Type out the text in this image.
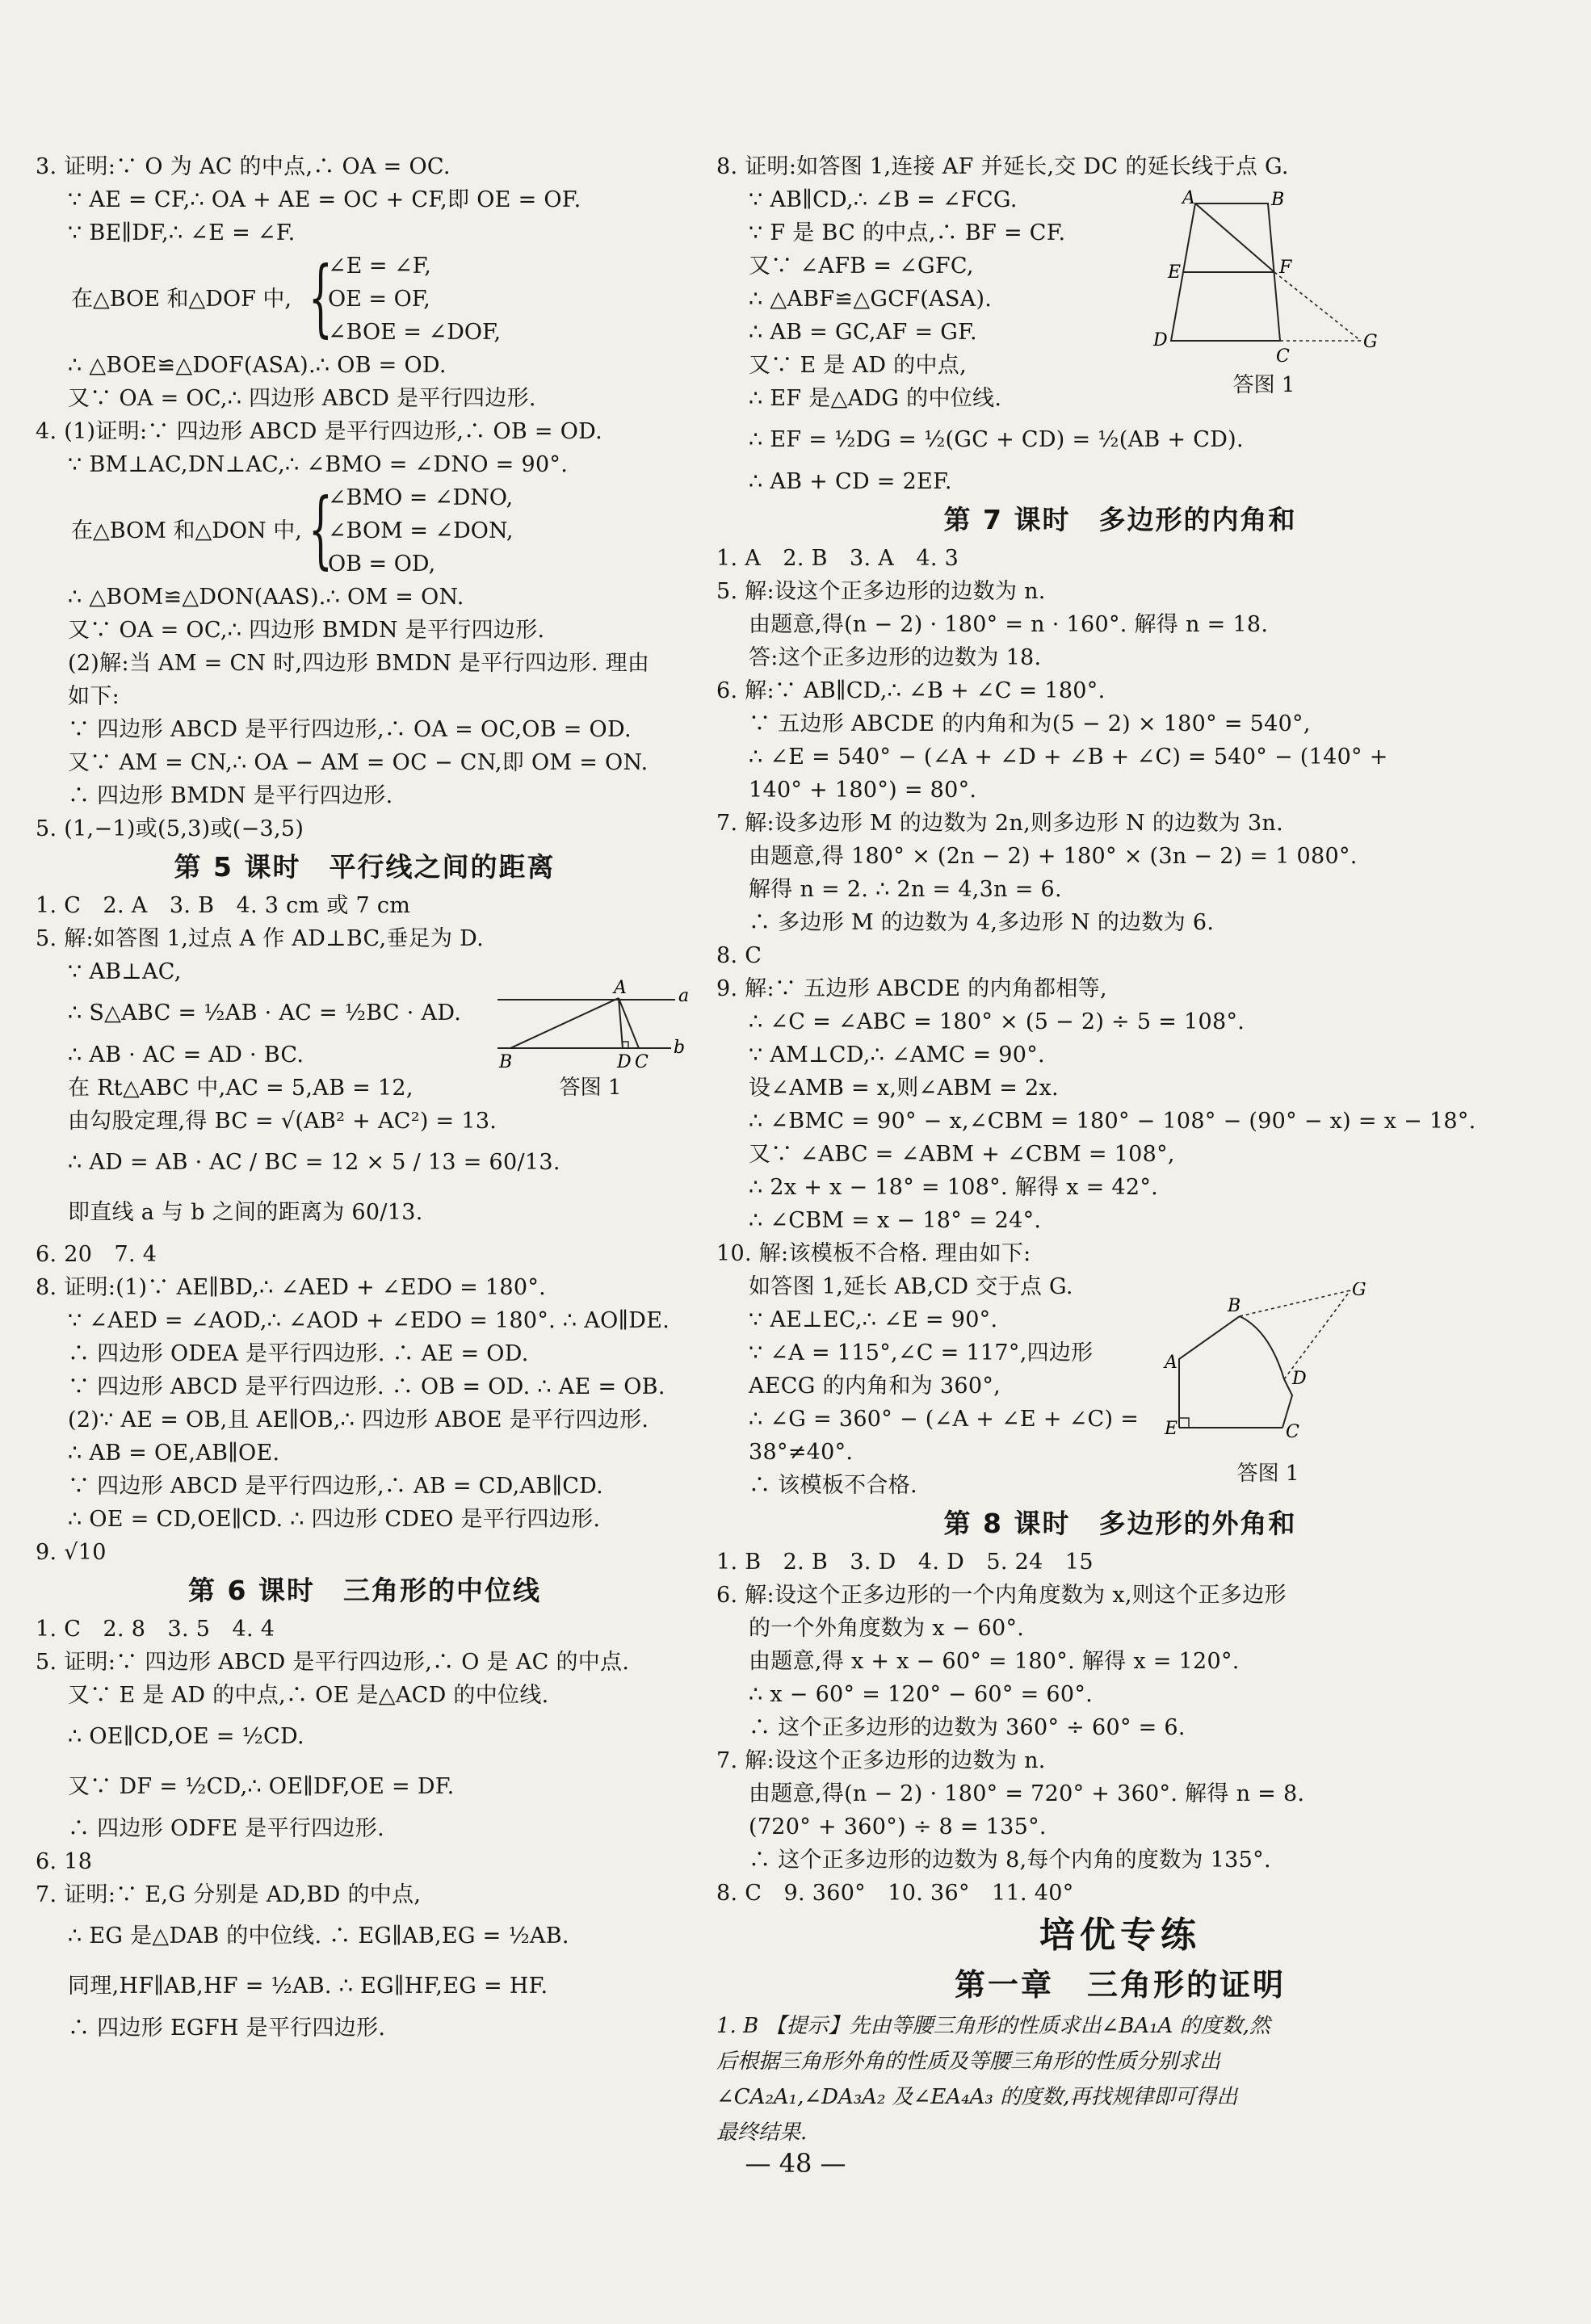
3. 证明:∵ O 为 AC 的中点,∴ OA = OC.
∵ AE = CF,∴ OA + AE = OC + CF,即 OE = OF.
∵ BE∥DF,∴ ∠E = ∠F.
在△BOE 和△DOF 中, {
∠E = ∠F,
OE = OF,
∠BOE = ∠DOF,
∴ △BOE≌△DOF(ASA).∴ OB = OD.
又∵ OA = OC,∴ 四边形 ABCD 是平行四边形.
4. (1)证明:∵ 四边形 ABCD 是平行四边形,∴ OB = OD.
∵ BM⊥AC,DN⊥AC,∴ ∠BMO = ∠DNO = 90°.
在△BOM 和△DON 中, {
∠BMO = ∠DNO,
∠BOM = ∠DON,
OB = OD,
∴ △BOM≌△DON(AAS).∴ OM = ON.
又∵ OA = OC,∴ 四边形 BMDN 是平行四边形.
(2)解:当 AM = CN 时,四边形 BMDN 是平行四边形. 理由
如下:
∵ 四边形 ABCD 是平行四边形,∴ OA = OC,OB = OD.
又∵ AM = CN,∴ OA − AM = OC − CN,即 OM = ON.
∴ 四边形 BMDN 是平行四边形.
5. (1,−1)或(5,3)或(−3,5)
第 5 课时　平行线之间的距离
1. C　2. A　3. B　4. 3 cm 或 7 cm
5. 解:如答图 1,过点 A 作 AD⊥BC,垂足为 D.
∵ AB⊥AC,
∴ S△ABC = ½AB · AC = ½BC · AD.
∴ AB · AC = AD · BC.
在 Rt△ABC 中,AC = 5,AB = 12,
由勾股定理,得 BC = √(AB² + AC²) = 13.
∴ AD = AB · AC / BC = 12 × 5 / 13 = 60/13.
即直线 a 与 b 之间的距离为 60/13.
6. 20　7. 4
8. 证明:(1)∵ AE∥BD,∴ ∠AED + ∠EDO = 180°.
∵ ∠AED = ∠AOD,∴ ∠AOD + ∠EDO = 180°. ∴ AO∥DE.
∴ 四边形 ODEA 是平行四边形. ∴ AE = OD.
∵ 四边形 ABCD 是平行四边形. ∴ OB = OD. ∴ AE = OB.
(2)∵ AE = OB,且 AE∥OB,∴ 四边形 ABOE 是平行四边形.
∴ AB = OE,AB∥OE.
∵ 四边形 ABCD 是平行四边形,∴ AB = CD,AB∥CD.
∴ OE = CD,OE∥CD. ∴ 四边形 CDEO 是平行四边形.
9. √10
第 6 课时　三角形的中位线
1. C　2. 8　3. 5　4. 4
5. 证明:∵ 四边形 ABCD 是平行四边形,∴ O 是 AC 的中点.
又∵ E 是 AD 的中点,∴ OE 是△ACD 的中位线.
∴ OE∥CD,OE = ½CD.
又∵ DF = ½CD,∴ OE∥DF,OE = DF.
∴ 四边形 ODFE 是平行四边形.
6. 18
7. 证明:∵ E,G 分别是 AD,BD 的中点,
∴ EG 是△DAB 的中位线. ∴ EG∥AB,EG = ½AB.
同理,HF∥AB,HF = ½AB. ∴ EG∥HF,EG = HF.
∴ 四边形 EGFH 是平行四边形.
8. 证明:如答图 1,连接 AF 并延长,交 DC 的延长线于点 G.
∵ AB∥CD,∴ ∠B = ∠FCG.
∵ F 是 BC 的中点,∴ BF = CF.
又∵ ∠AFB = ∠GFC,
∴ △ABF≌△GCF(ASA).
∴ AB = GC,AF = GF.
又∵ E 是 AD 的中点,
∴ EF 是△ADG 的中位线.
∴ EF = ½DG = ½(GC + CD) = ½(AB + CD).
∴ AB + CD = 2EF.
第 7 课时　多边形的内角和
1. A　2. B　3. A　4. 3
5. 解:设这个正多边形的边数为 n.
由题意,得(n − 2) · 180° = n · 160°. 解得 n = 18.
答:这个正多边形的边数为 18.
6. 解:∵ AB∥CD,∴ ∠B + ∠C = 180°.
∵ 五边形 ABCDE 的内角和为(5 − 2) × 180° = 540°,
∴ ∠E = 540° − (∠A + ∠D + ∠B + ∠C) = 540° − (140° +
140° + 180°) = 80°.
7. 解:设多边形 M 的边数为 2n,则多边形 N 的边数为 3n.
由题意,得 180° × (2n − 2) + 180° × (3n − 2) = 1 080°.
解得 n = 2. ∴ 2n = 4,3n = 6.
∴ 多边形 M 的边数为 4,多边形 N 的边数为 6.
8. C
9. 解:∵ 五边形 ABCDE 的内角都相等,
∴ ∠C = ∠ABC = 180° × (5 − 2) ÷ 5 = 108°.
∵ AM⊥CD,∴ ∠AMC = 90°.
设∠AMB = x,则∠ABM = 2x.
∴ ∠BMC = 90° − x,∠CBM = 180° − 108° − (90° − x) = x − 18°.
又∵ ∠ABC = ∠ABM + ∠CBM = 108°,
∴ 2x + x − 18° = 108°. 解得 x = 42°.
∴ ∠CBM = x − 18° = 24°.
10. 解:该模板不合格. 理由如下:
如答图 1,延长 AB,CD 交于点 G.
∵ AE⊥EC,∴ ∠E = 90°.
∵ ∠A = 115°,∠C = 117°,四边形
AECG 的内角和为 360°,
∴ ∠G = 360° − (∠A + ∠E + ∠C) =
38°≠40°.
∴ 该模板不合格.
第 8 课时　多边形的外角和
1. B　2. B　3. D　4. D　5. 24　15
6. 解:设这个正多边形的一个内角度数为 x,则这个正多边形
的一个外角度数为 x − 60°.
由题意,得 x + x − 60° = 180°. 解得 x = 120°.
∴ x − 60° = 120° − 60° = 60°.
∴ 这个正多边形的边数为 360° ÷ 60° = 6.
7. 解:设这个正多边形的边数为 n.
由题意,得(n − 2) · 180° = 720° + 360°. 解得 n = 8.
(720° + 360°) ÷ 8 = 135°.
∴ 这个正多边形的边数为 8,每个内角的度数为 135°.
8. C　9. 360°　10. 36°　11. 40°
培优专练
第一章　三角形的证明
1. B 【提示】先由等腰三角形的性质求出∠BA₁A 的度数,然
后根据三角形外角的性质及等腰三角形的性质分别求出
∠CA₂A₁,∠DA₃A₂ 及∠EA₄A₃ 的度数,再找规律即可得出
最终结果.
A	a
B	D C
b
答图 1
A	B
E	F
D
C
G
答图 1
B
G
A
D
E	C
答图 1
— 48 —
